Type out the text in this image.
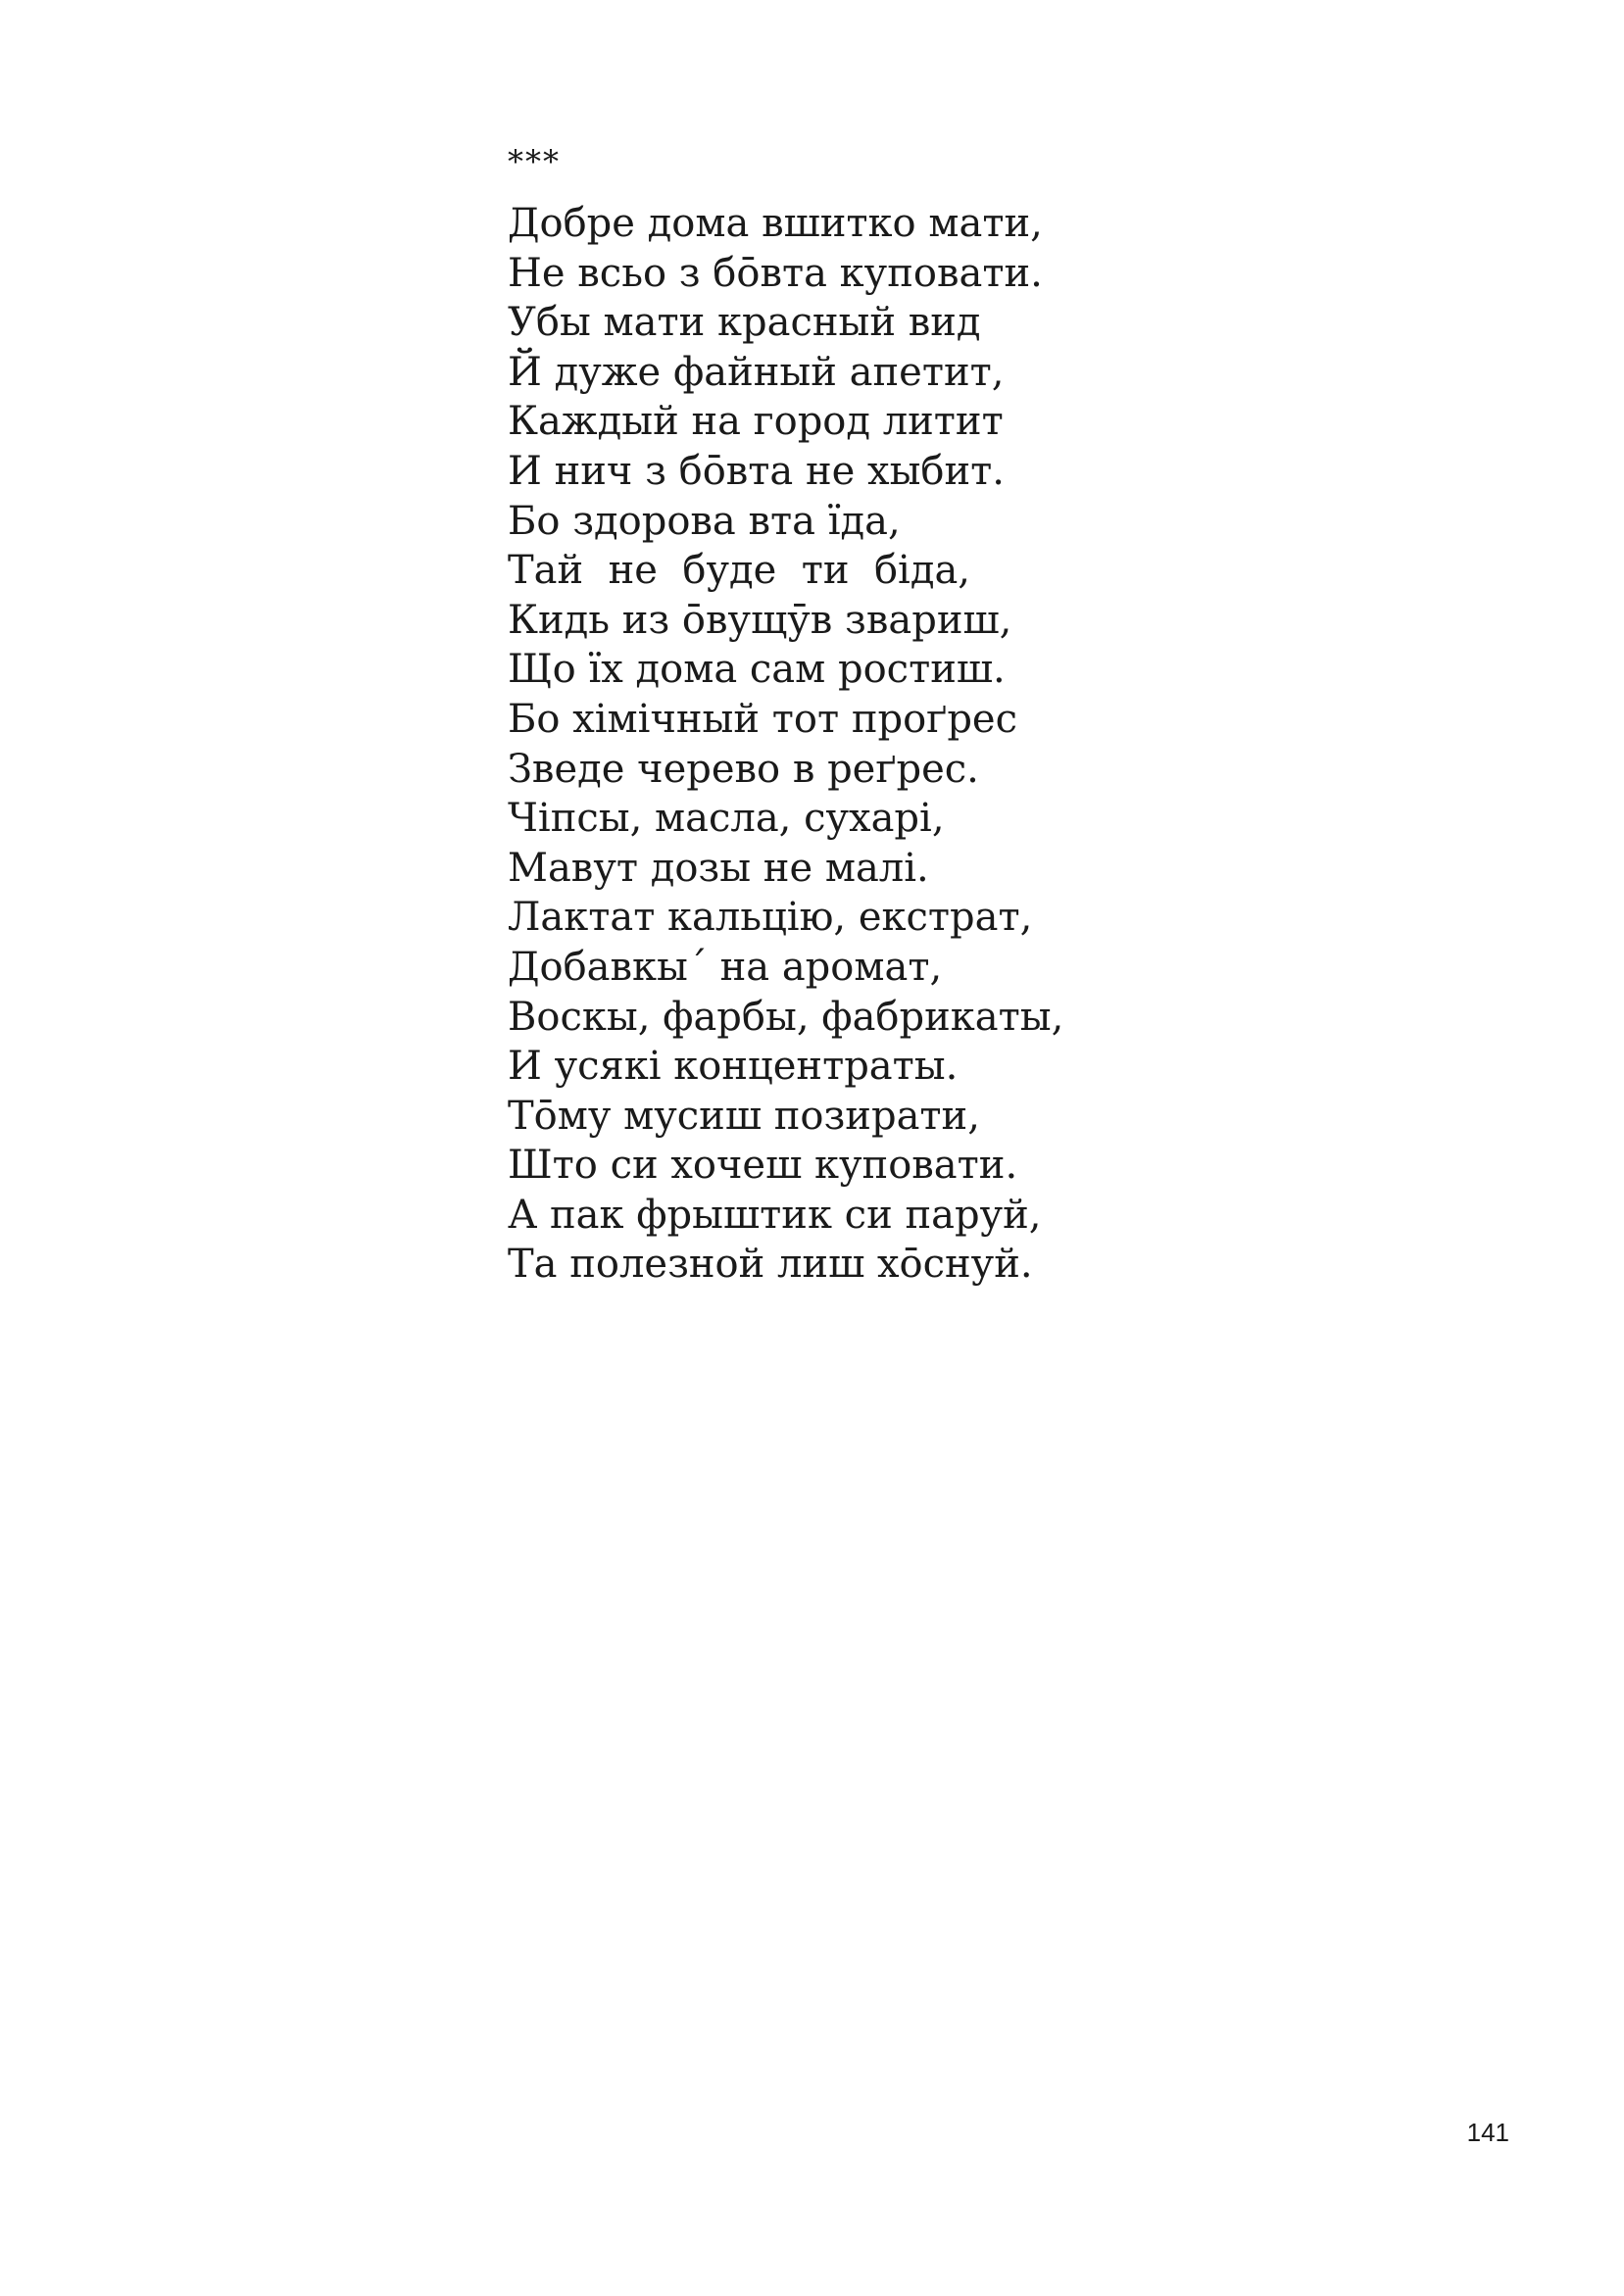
***
Добре дома вшитко мати,
Не всьо з бо̄вта куповати.
Убы мати красный вид
Й дуже файный апетит,
Каждый на город литит
И нич з бо̄вта не хыбит.
Бо здорова вта їда,
Тай  не  буде  ти  біда,
Кидь из о̄вущӯв звариш,
Що їх дома сам ростиш.
Бо хімічный тот проґрес
Зведе черево в реґрес.
Чіпсы, масла, сухарі,
Мавут дозы не малі.
Лактат кальцію, екстрат,
Добавкы´ на аромат,
Воскы, фарбы, фабрикаты,
И усякі концентраты.
То̄му мусиш позирати,
Што си хочеш куповати.
А пак фрыштик си паруй,
Та полезной лиш хо̄снуй.
141
